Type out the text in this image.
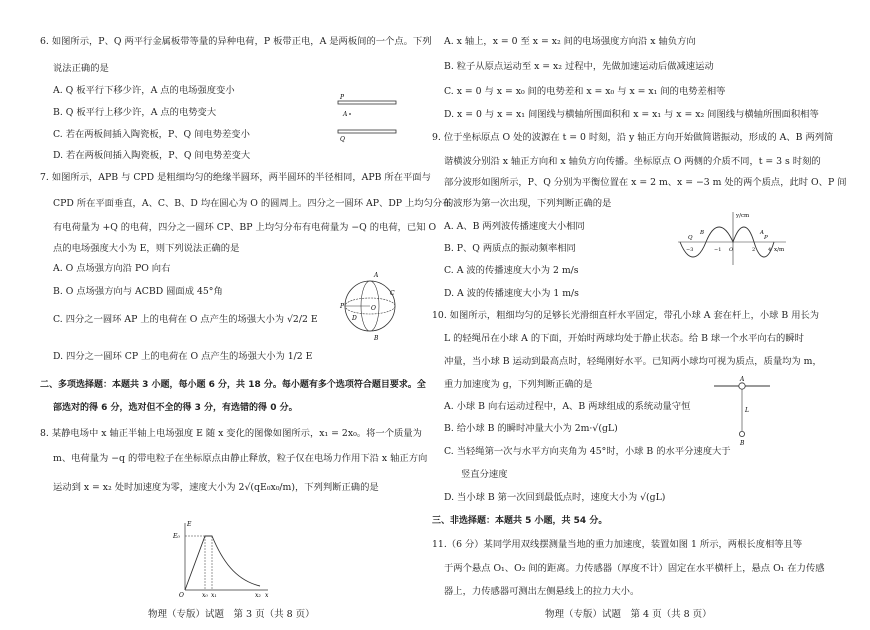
6. 如图所示，P、Q 两平行金属板带等量的异种电荷，P 板带正电，A 是两板间的一个点。下列
说法正确的是
A. Q 板平行下移少许，A 点的电场强度变小
B. Q 板平行上移少许，A 点的电势变大
C. 若在两板间插入陶瓷板，P、Q 间电势差变小
D. 若在两板间插入陶瓷板，P、Q 间电势差变大
7. 如图所示，APB 与 CPD 是粗细均匀的绝缘半圆环，两半圆环的半径相同，APB 所在平面与
CPD 所在平面垂直，A、C、B、D 均在圆心为 O 的圆周上。四分之一圆环 AP、DP 上均匀分布
有电荷量为 +Q 的电荷，四分之一圆环 CP、BP 上均匀分布有电荷量为 −Q 的电荷，已知 O
点的电场强度大小为 E，则下列说法正确的是
A. O 点场强方向沿 PO 向右
B. O 点场强方向与 ACBD 圆面成 45°角
C. 四分之一圆环 AP 上的电荷在 O 点产生的场强大小为 √2/2 E
D. 四分之一圆环 CP 上的电荷在 O 点产生的场强大小为 1/2 E
二、多项选择题：本题共 3 小题，每小题 6 分，共 18 分。每小题有多个选项符合题目要求。全
部选对的得 6 分，选对但不全的得 3 分，有选错的得 0 分。
8. 某静电场中 x 轴正半轴上电场强度 E 随 x 变化的图像如图所示，x₁ = 2x₀。将一个质量为
m、电荷量为 −q 的带电粒子在坐标原点由静止释放，粒子仅在电场力作用下沿 x 轴正方向
运动到 x = x₂ 处时加速度为零，速度大小为 2√(qE₀x₀/m)，下列判断正确的是
A. x 轴上，x = 0 至 x = x₂ 间的电场强度方向沿 x 轴负方向
B. 粒子从原点运动至 x = x₂ 过程中，先做加速运动后做减速运动
C. x = 0 与 x = x₀ 间的电势差和 x = x₀ 与 x = x₁ 间的电势差相等
D. x = 0 与 x = x₁ 间图线与横轴所围面积和 x = x₁ 与 x = x₂ 间图线与横轴所围面积相等
9. 位于坐标原点 O 处的波源在 t = 0 时刻，沿 y 轴正方向开始做简谐振动，形成的 A、B 两列简
谐横波分别沿 x 轴正方向和 x 轴负方向传播。坐标原点 O 两侧的介质不同，t = 3 s 时刻的
部分波形如图所示，P、Q 分别为平衡位置在 x = 2 m、x = −3 m 处的两个质点，此时 O、P 间
的波形为第一次出现，下列判断正确的是
A. A、B 两列波传播速度大小相同
B. P、Q 两质点的振动频率相同
C. A 波的传播速度大小为 2 m/s
D. A 波的传播速度大小为 1 m/s
10. 如图所示，粗细均匀的足够长光滑细直杆水平固定，带孔小球 A 套在杆上，小球 B 用长为
L 的轻绳吊在小球 A 的下面，开始时两球均处于静止状态。给 B 球一个水平向右的瞬时
冲量，当小球 B 运动到最高点时，轻绳刚好水平。已知两小球均可视为质点，质量均为 m，
重力加速度为 g，下列判断正确的是
A. 小球 B 向右运动过程中，A、B 两球组成的系统动量守恒
B. 给小球 B 的瞬时冲量大小为 2m·√(gL)
C. 当轻绳第一次与水平方向夹角为 45°时，小球 B 的水平分速度大于
竖直分速度
D. 当小球 B 第一次回到最低点时，速度大小为 √(gL)
三、非选择题：本题共 5 小题，共 54 分。
11.（6 分）某同学用双线摆测量当地的重力加速度，装置如图 1 所示，两根长度相等且等
于两个悬点 O₁、O₂ 间的距离。力传感器（厚度不计）固定在水平横杆上，悬点 O₁ 在力传感
器上，力传感器可测出左侧悬线上的拉力大小。
P
A
Q
A
C
O
P
D
B
E
E₀
O	x₀ x₁	x₂ x
y/cm
x/m
B	A
Q	P
−3	−1 O	2	4
A
L
B
物理（专版）试题　第 3 页（共 8 页）	物理（专版）试题　第 4 页（共 8 页）
